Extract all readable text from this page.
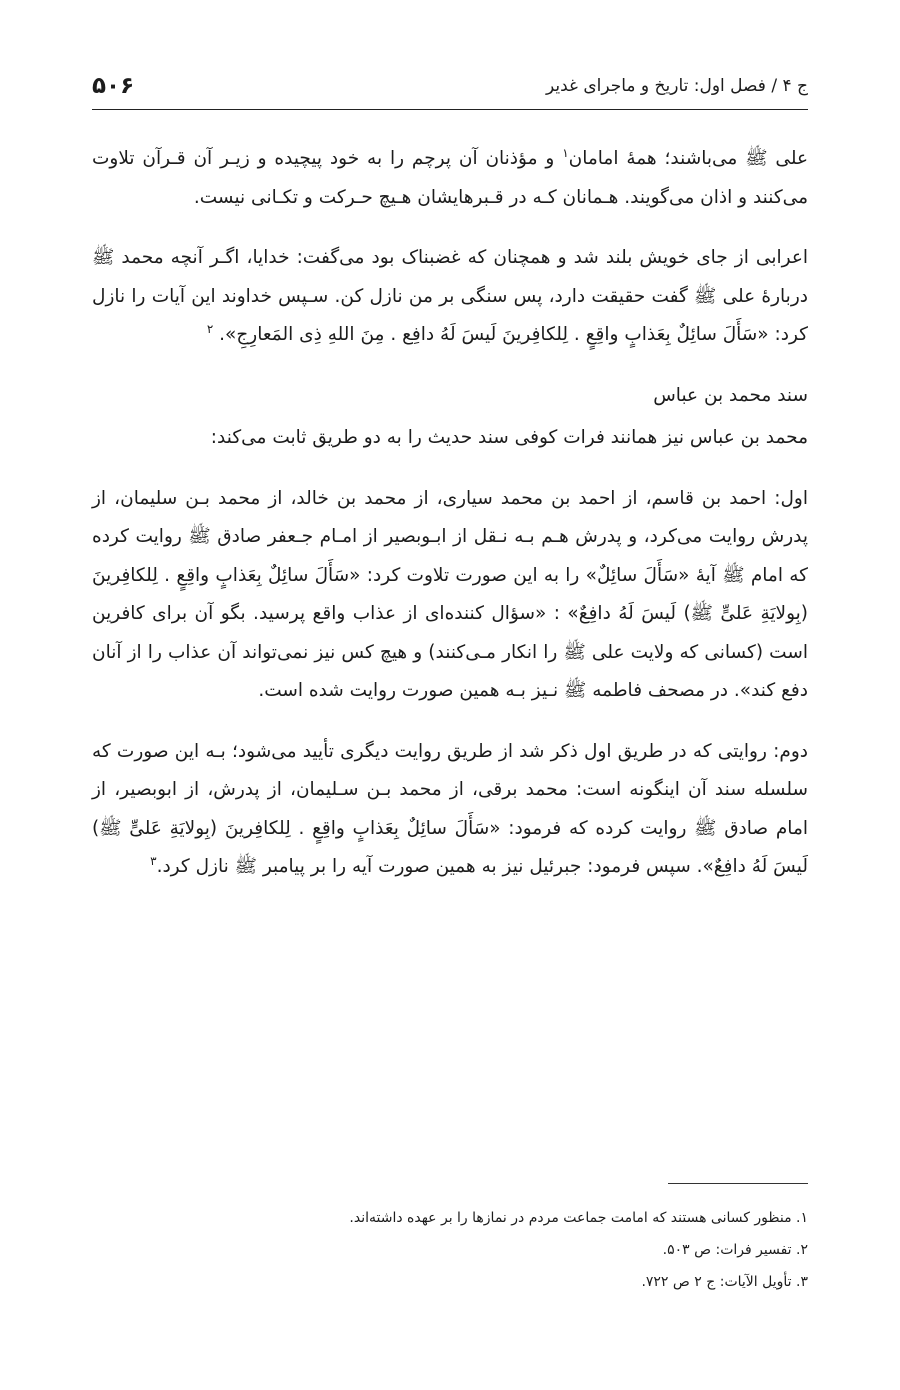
ج ۴ / فصل اول: تاریخ و ماجرای غدیر
۵۰۶

علی ﷺ می‌باشند؛ همهٔ امامان$^۱$ و مؤذنان آن پرچم را به خود پیچیده و زیـر آن قـرآن تلاوت می‌کنند و اذان می‌گویند. هـمانان کـه در قـبرهایشان هـیچ حـرکت و تکـانی نیست.

اعرابی از جای خویش بلند شد و همچنان که غضبناک بود می‌گفت: خدایا، اگـر آنچه محمد ﷺ دربارهٔ علی ﷺ گفت حقیقت دارد، پس سنگی بر من نازل کن. سـپس خداوند این آیات را نازل کرد: «سَأَلَ سائِلٌ بِعَذابٍ واقِعٍ . لِلکافِرینَ لَیسَ لَهُ دافِع . مِنَ اللهِ ذِی المَعارِجِ». $^۲$

سند محمد بن عباس

محمد بن عباس نیز همانند فرات کوفی سند حدیث را به دو طریق ثابت می‌کند:

اول: احمد بن قاسم، از احمد بن محمد سیاری، از محمد بن خالد، از محمد بـن سلیمان، از پدرش روایت می‌کرد، و پدرش هـم بـه نـقل از ابـوبصیر از امـام جـعفر صادق ﷺ روایت کرده که امام ﷺ آیهٔ «سَأَلَ سائِلٌ» را به این صورت تلاوت کرد: «سَأَلَ سائِلٌ بِعَذابٍ واقِعٍ . لِلکافِرینَ (بِولایَةِ عَلیٍّ ﷺ) لَیسَ لَهُ دافِعٌ» : «سؤال کننده‌ای از عذاب واقع پرسید. بگو آن برای کافرین است (کسانی که ولایت علی ﷺ را انکار مـی‌کنند) و هیچ کس نیز نمی‌تواند آن عذاب را از آنان دفع کند». در مصحف فاطمه ﷺ نـیز بـه همین صورت روایت شده است.

دوم: روایتی که در طریق اول ذکر شد از طریق روایت دیگری تأیید می‌شود؛ بـه این صورت که سلسله سند آن اینگونه است: محمد برقی، از محمد بـن سـلیمان، از پدرش، از ابوبصیر، از امام صادق ﷺ روایت کرده که فرمود: «سَأَلَ سائِلٌ بِعَذابٍ واقِعٍ . لِلکافِرینَ (بِولایَةِ عَلیٍّ ﷺ) لَیسَ لَهُ دافِعٌ». سپس فرمود: جبرئیل نیز به همین صورت آیه را بر پیامبر ﷺ نازل کرد.$^۳$

۱. منظور کسانی هستند که امامت جماعت مردم در نمازها را بر عهده داشته‌اند.
۲. تفسیر فرات: ص ۵۰۳.
۳. تأویل الآیات: ج ۲ ص ۷۲۲.
